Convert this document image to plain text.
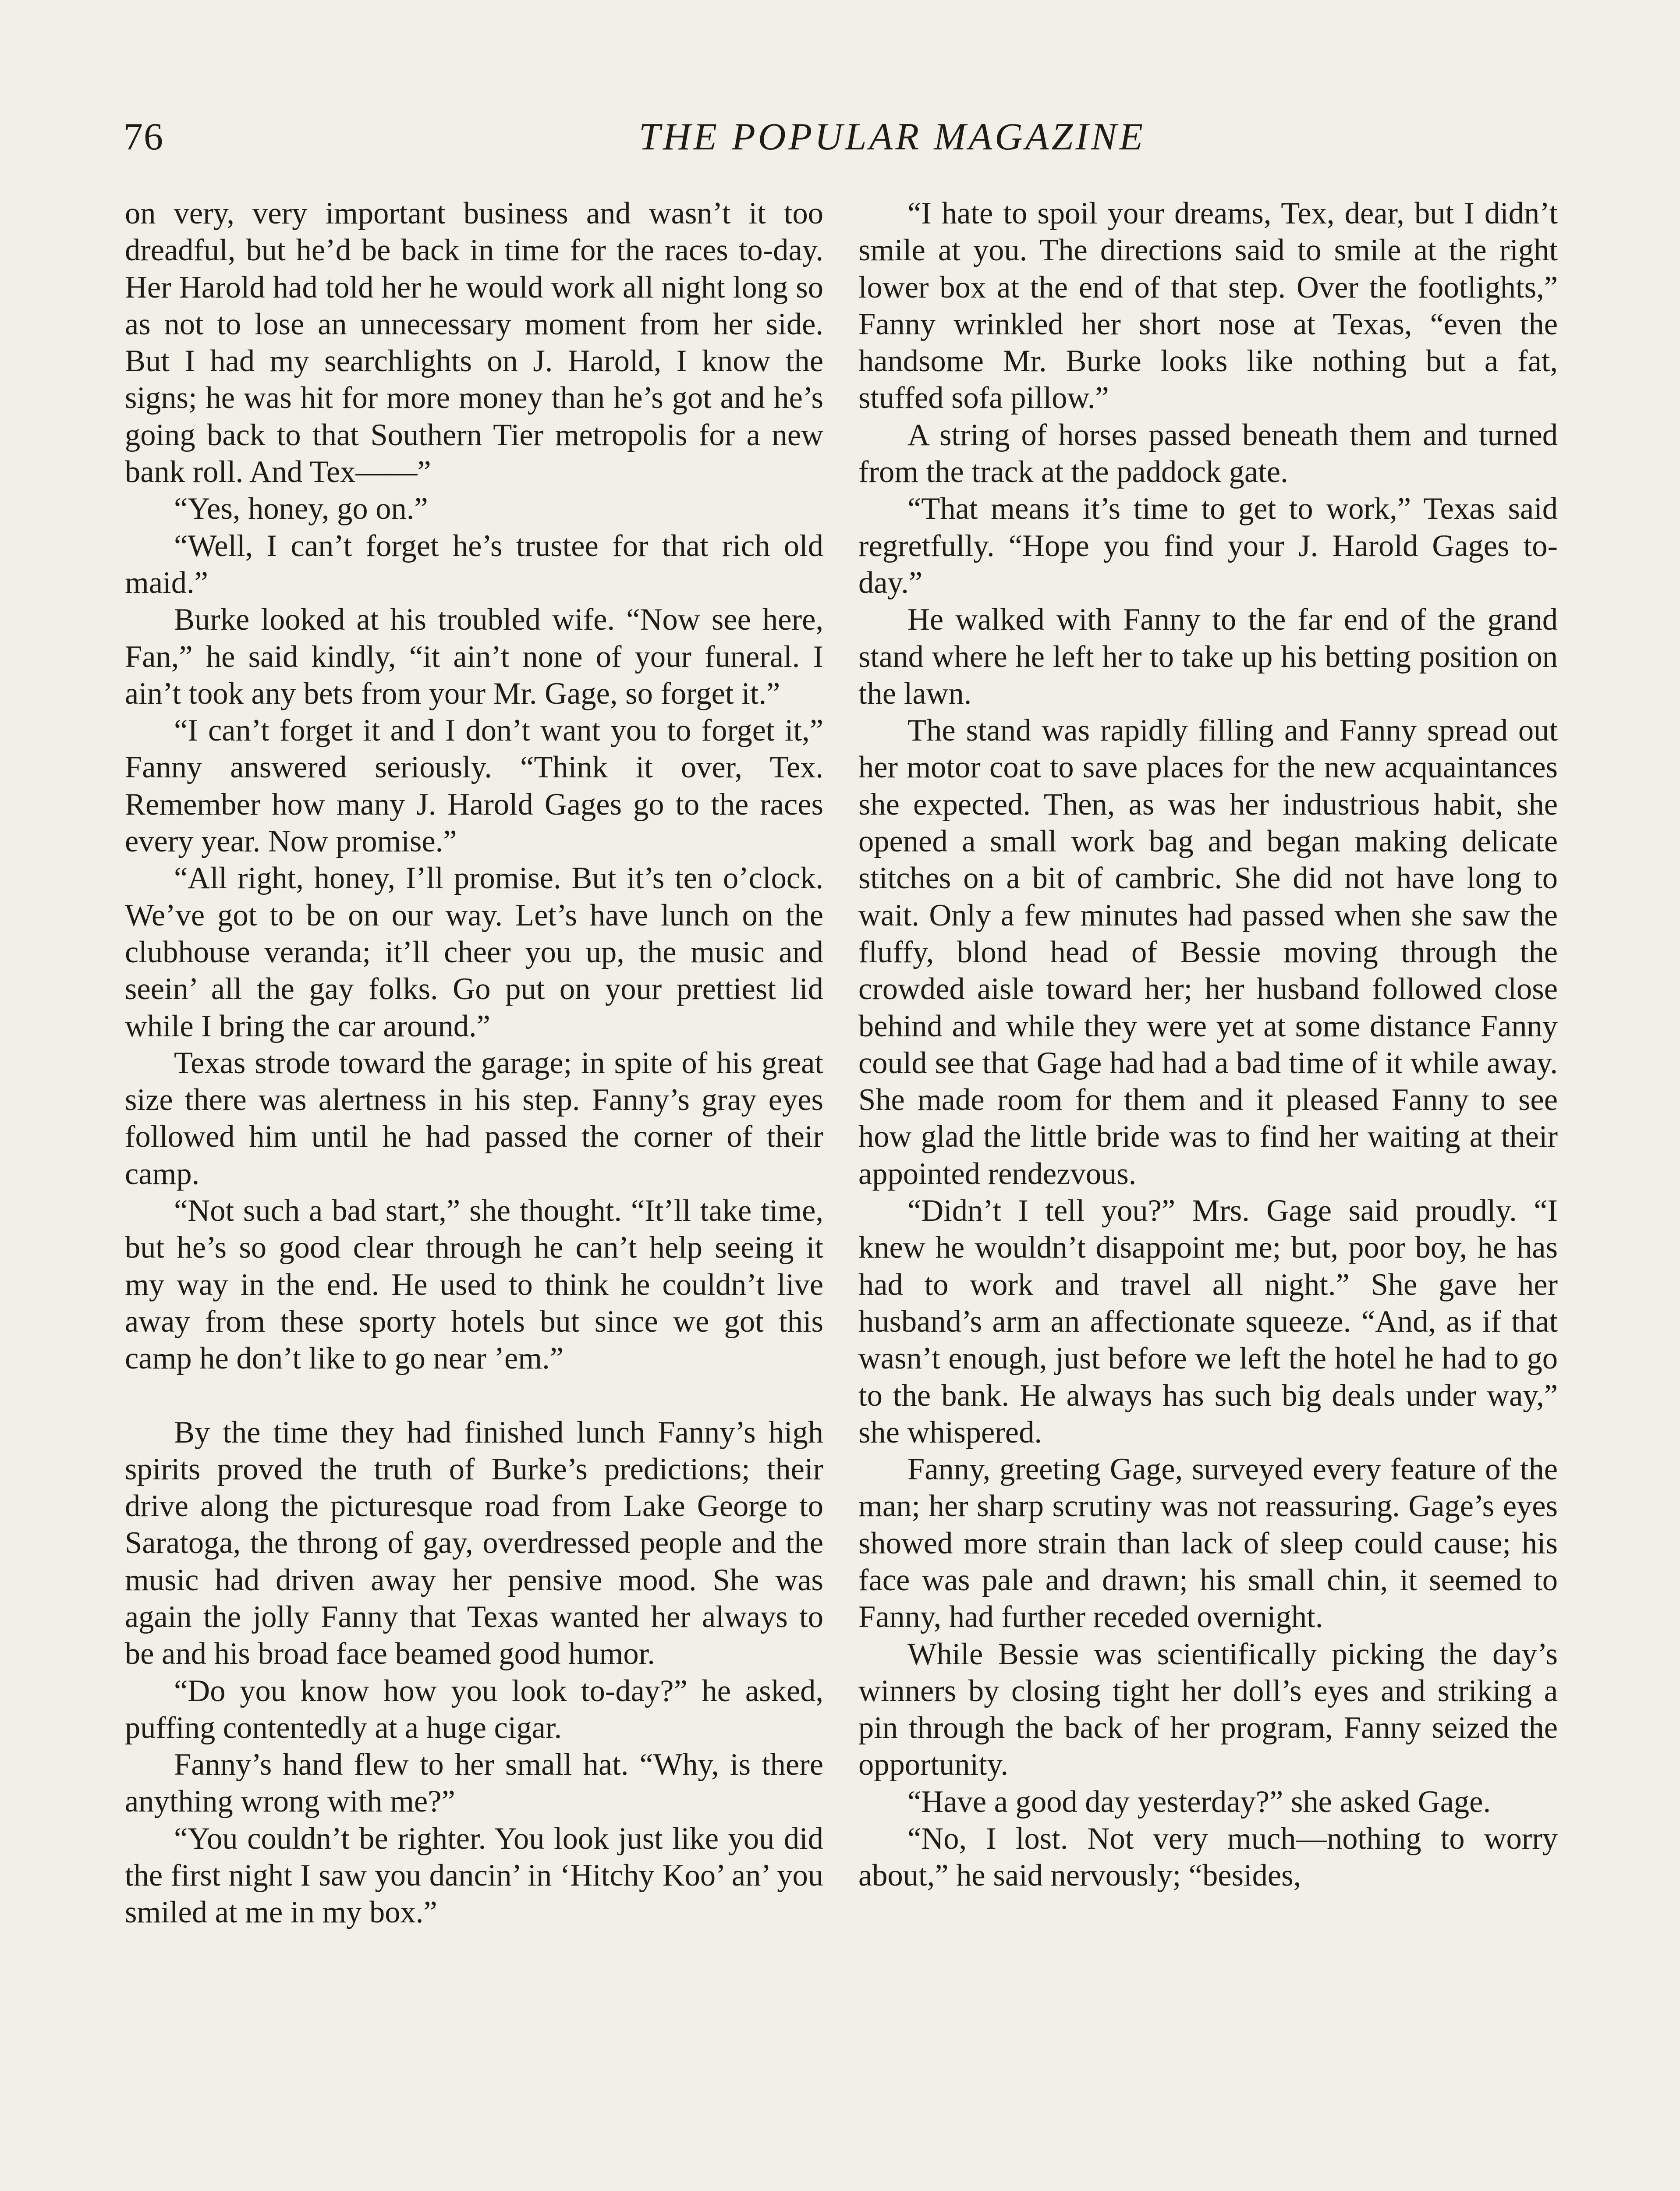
76	THE POPULAR MAGAZINE

on very, very important business and wasn’t it too dreadful, but he’d be back in time for the races to-day. Her Harold had told her he would work all night long so as not to lose an unnecessary moment from her side. But I had my searchlights on J. Harold, I know the signs; he was hit for more money than he’s got and he’s going back to that Southern Tier metropolis for a new bank roll. And Tex——”

“Yes, honey, go on.”

“Well, I can’t forget he’s trustee for that rich old maid.”

Burke looked at his troubled wife. “Now see here, Fan,” he said kindly, “it ain’t none of your funeral. I ain’t took any bets from your Mr. Gage, so forget it.”

“I can’t forget it and I don’t want you to forget it,” Fanny answered seriously. “Think it over, Tex. Remember how many J. Harold Gages go to the races every year. Now promise.”

“All right, honey, I’ll promise. But it’s ten o’clock. We’ve got to be on our way. Let’s have lunch on the clubhouse veranda; it’ll cheer you up, the music and seein’ all the gay folks. Go put on your prettiest lid while I bring the car around.”

Texas strode toward the garage; in spite of his great size there was alertness in his step. Fanny’s gray eyes followed him until he had passed the corner of their camp.

“Not such a bad start,” she thought. “It’ll take time, but he’s so good clear through he can’t help seeing it my way in the end. He used to think he couldn’t live away from these sporty hotels but since we got this camp he don’t like to go near ’em.”

By the time they had finished lunch Fanny’s high spirits proved the truth of Burke’s predictions; their drive along the picturesque road from Lake George to Saratoga, the throng of gay, overdressed people and the music had driven away her pensive mood. She was again the jolly Fanny that Texas wanted her always to be and his broad face beamed good humor.

“Do you know how you look to-day?” he asked, puffing contentedly at a huge cigar.

Fanny’s hand flew to her small hat. “Why, is there anything wrong with me?”

“You couldn’t be righter. You look just like you did the first night I saw you dancin’ in ‘Hitchy Koo’ an’ you smiled at me in my box.”

“I hate to spoil your dreams, Tex, dear, but I didn’t smile at you. The directions said to smile at the right lower box at the end of that step. Over the footlights,” Fanny wrinkled her short nose at Texas, “even the handsome Mr. Burke looks like nothing but a fat, stuffed sofa pillow.”

A string of horses passed beneath them and turned from the track at the paddock gate.

“That means it’s time to get to work,” Texas said regretfully. “Hope you find your J. Harold Gages to-day.”

He walked with Fanny to the far end of the grand stand where he left her to take up his betting position on the lawn.

The stand was rapidly filling and Fanny spread out her motor coat to save places for the new acquaintances she expected. Then, as was her industrious habit, she opened a small work bag and began making delicate stitches on a bit of cambric. She did not have long to wait. Only a few minutes had passed when she saw the fluffy, blond head of Bessie moving through the crowded aisle toward her; her husband followed close behind and while they were yet at some distance Fanny could see that Gage had had a bad time of it while away. She made room for them and it pleased Fanny to see how glad the little bride was to find her waiting at their appointed rendezvous.

“Didn’t I tell you?” Mrs. Gage said proudly. “I knew he wouldn’t disappoint me; but, poor boy, he has had to work and travel all night.” She gave her husband’s arm an affectionate squeeze. “And, as if that wasn’t enough, just before we left the hotel he had to go to the bank. He always has such big deals under way,” she whispered.

Fanny, greeting Gage, surveyed every feature of the man; her sharp scrutiny was not reassuring. Gage’s eyes showed more strain than lack of sleep could cause; his face was pale and drawn; his small chin, it seemed to Fanny, had further receded overnight.

While Bessie was scientifically picking the day’s winners by closing tight her doll’s eyes and striking a pin through the back of her program, Fanny seized the opportunity.

“Have a good day yesterday?” she asked Gage.

“No, I lost. Not very much—nothing to worry about,” he said nervously; “besides,
